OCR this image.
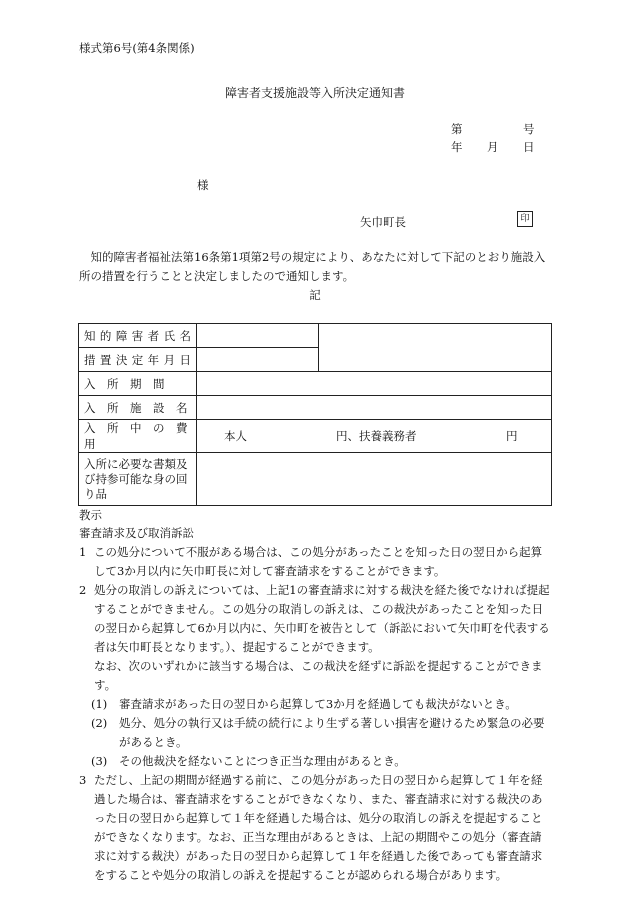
様式第6号(第4条関係)
障害者支援施設等入所決定通知書
第	号
年 月 日
様
矢巾町長	印
知的障害者福祉法第16条第1項第2号の規定により、あなたに対して下記のとおり施設入所の措置を行うことと決定しましたので通知します。
記
知的障害者氏名		
措置決定年月日		
入　所　期　間		
入　所　施　設　名		
入　所　中　の　費　用	本人 円、扶養義務者 円	
入所に必要な書類及び持参可能な身の回り品		
教示
審査請求及び取消訴訟
1 この処分について不服がある場合は、この処分があったことを知った日の翌日から起算して3か月以内に矢巾町長に対して審査請求をすることができます。

2 処分の取消しの訴えについては、上記1の審査請求に対する裁決を経た後でなければ提起することができません。この処分の取消しの訴えは、この裁決があったことを知った日の翌日から起算して6か月以内に、矢巾町を被告として（訴訟において矢巾町を代表する者は矢巾町長となります。）、提起することができます。

なお、次のいずれかに該当する場合は、この裁決を経ずに訴訟を提起することができます。
(1) 審査請求があった日の翌日から起算して3か月を経過しても裁決がないとき。
(2) 処分、処分の執行又は手続の続行により生ずる著しい損害を避けるため緊急の必要があるとき。
(3) その他裁決を経ないことにつき正当な理由があるとき。
3 ただし、上記の期間が経過する前に、この処分があった日の翌日から起算して１年を経過した場合は、審査請求をすることができなくなり、また、審査請求に対する裁決のあった日の翌日から起算して１年を経過した場合は、処分の取消しの訴えを提起することができなくなります。なお、正当な理由があるときは、上記の期間やこの処分（審査請求に対する裁決）があった日の翌日から起算して１年を経過した後であっても審査請求をすることや処分の取消しの訴えを提起することが認められる場合があります。
